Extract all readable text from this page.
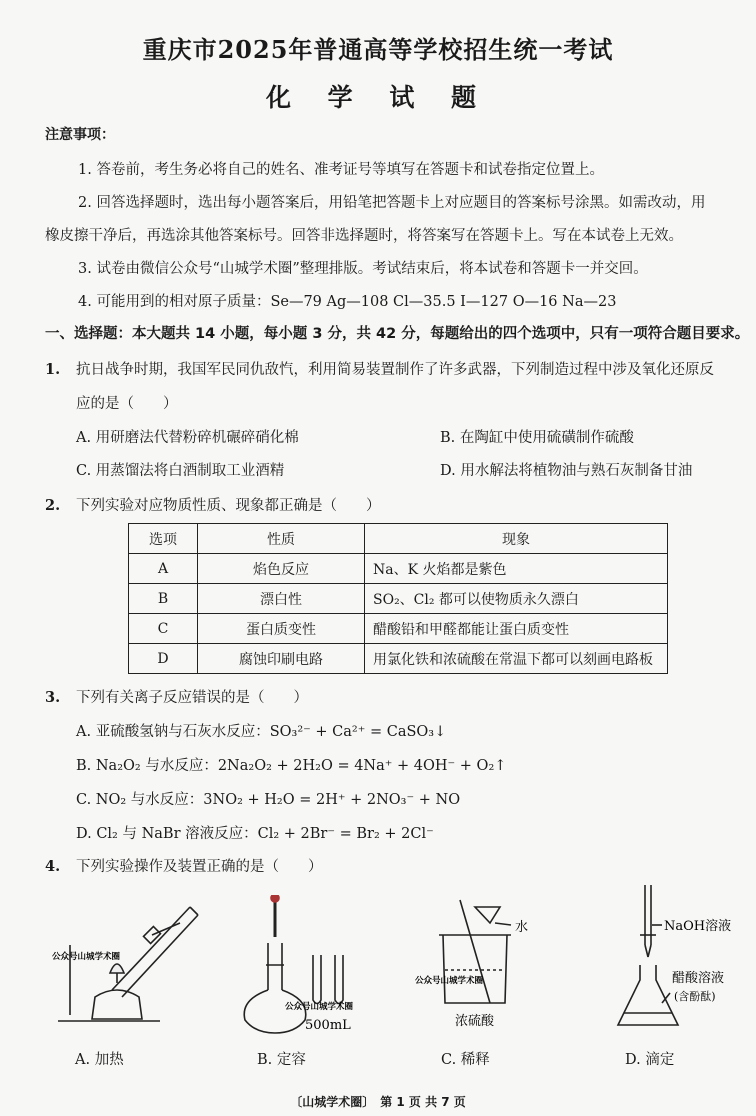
重庆市2025年普通高等学校招生统一考试
化 学 试 题
注意事项：
1. 答卷前，考生务必将自己的姓名、准考证号等填写在答题卡和试卷指定位置上。
2. 回答选择题时，选出每小题答案后，用铅笔把答题卡上对应题目的答案标号涂黑。如需改动，用
橡皮擦干净后，再选涂其他答案标号。回答非选择题时，将答案写在答题卡上。写在本试卷上无效。
3. 试卷由微信公众号“山城学术圈”整理排版。考试结束后，将本试卷和答题卡一并交回。
4. 可能用到的相对原子质量：Se—79 Ag—108 Cl—35.5 I—127 O—16 Na—23
一、选择题：本大题共 14 小题，每小题 3 分，共 42 分，每题给出的四个选项中，只有一项符合题目要求。
1. 抗日战争时期，我国军民同仇敌忾，利用简易装置制作了许多武器，下列制造过程中涉及氧化还原反
应的是（　　）
A. 用研磨法代替粉碎机碾碎硝化棉	B. 在陶缸中使用硫磺制作硫酸
C. 用蒸馏法将白酒制取工业酒精	D. 用水解法将植物油与熟石灰制备甘油
2. 下列实验对应物质性质、现象都正确是（　　）
选项	性质	现象
A	焰色反应	Na、K 火焰都是紫色
B	漂白性	SO₂、Cl₂ 都可以使物质永久漂白
C	蛋白质变性	醋酸铅和甲醛都能让蛋白质变性
D	腐蚀印刷电路	用氯化铁和浓硫酸在常温下都可以刻画电路板
3. 下列有关离子反应错误的是（　　）
A. 亚硫酸氢钠与石灰水反应：SO₃²⁻ + Ca²⁺ = CaSO₃↓
B. Na₂O₂ 与水反应：2Na₂O₂ + 2H₂O = 4Na⁺ + 4OH⁻ + O₂↑
C. NO₂ 与水反应：3NO₂ + H₂O = 2H⁺ + 2NO₃⁻ + NO
D. Cl₂ 与 NaBr 溶液反应：Cl₂ + 2Br⁻ = Br₂ + 2Cl⁻
4. 下列实验操作及装置正确的是（　　）
公众号山城学术圈
公众号山城学术圈
500mL
水
公众号山城学术圈
浓硫酸
NaOH溶液
醋酸溶液
(含酚酞)
A. 加热	B. 定容	C. 稀释	D. 滴定
〔山城学术圈〕　第 1 页 共 7 页
